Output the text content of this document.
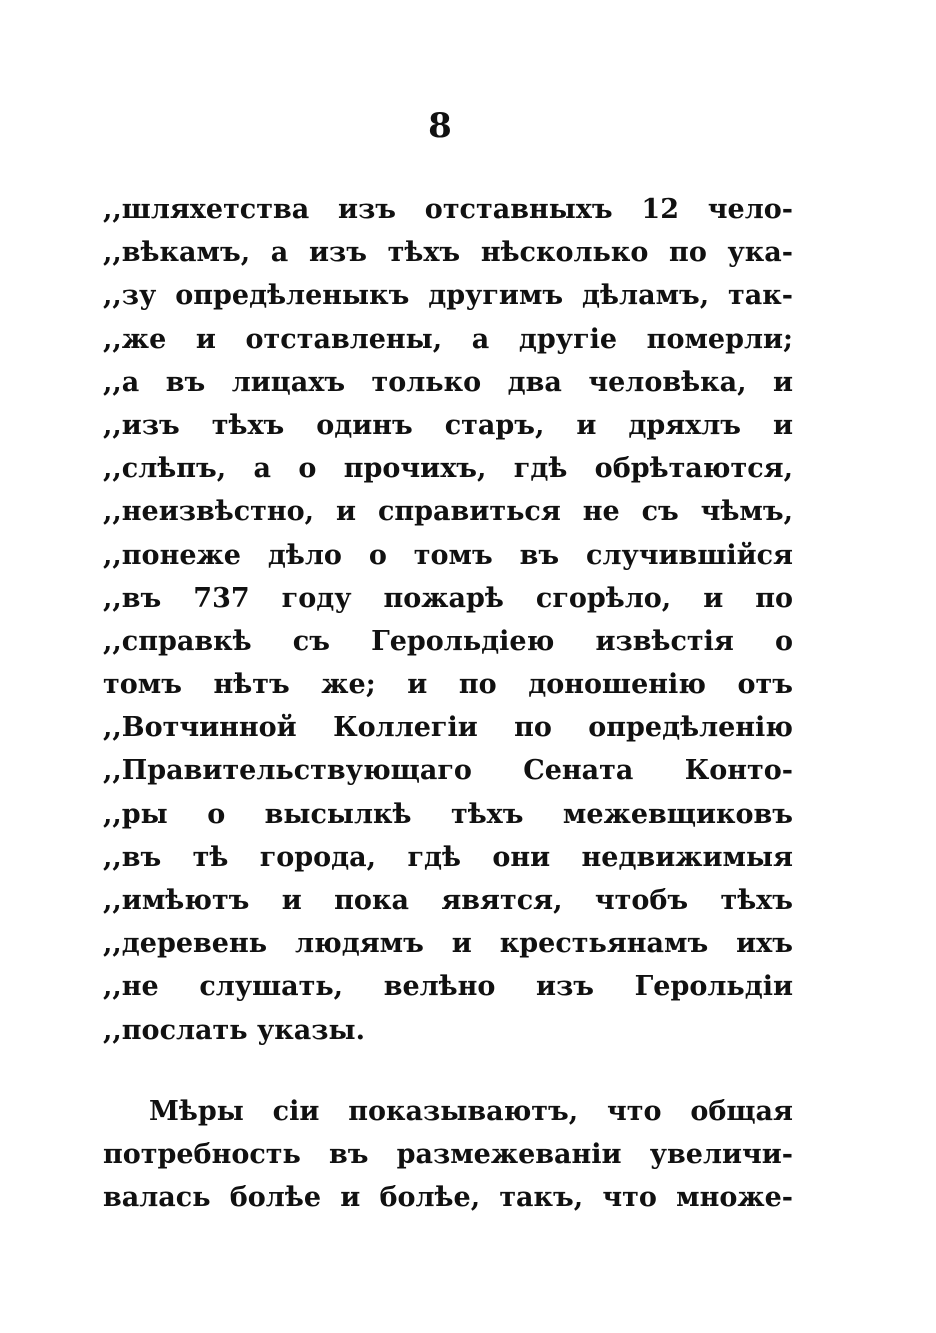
8
,,шляхетства изъ отставныхъ 12 чело-
,,вѣкамъ, а изъ тѣхъ нѣсколько по ука-
,,зу опредѣленыкъ другимъ дѣламъ, так-
,,же и отставлены, а другіе померли;
,,а въ лицахъ только два человѣка, и
,,изъ тѣхъ одинъ старъ, и дряхлъ и
,,слѣпъ, а о прочихъ, гдѣ обрѣтаются,
,,неизвѣстно, и справиться не съ чѣмъ,
,,понеже дѣло о томъ въ случившійся
,,въ 737 году пожарѣ сгорѣло, и по
,,справкѣ съ Герольдіею извѣстія о
томъ нѣтъ же; и по доношенію отъ
,,Вотчинной Коллегіи по опредѣленію
,,Правительствующаго Сената Конто-
,,ры о высылкѣ тѣхъ межевщиковъ
,,въ тѣ города, гдѣ они недвижимыя
,,имѣютъ и пока явятся, чтобъ тѣхъ
,,деревень людямъ и крестьянамъ ихъ
,,не слушать, велѣно изъ Герольдіи
,,послать указы.
Мѣры сіи показываютъ, что общая
потребность въ размежеваніи увеличи-
валась болѣе и болѣе, такъ, что множе-
